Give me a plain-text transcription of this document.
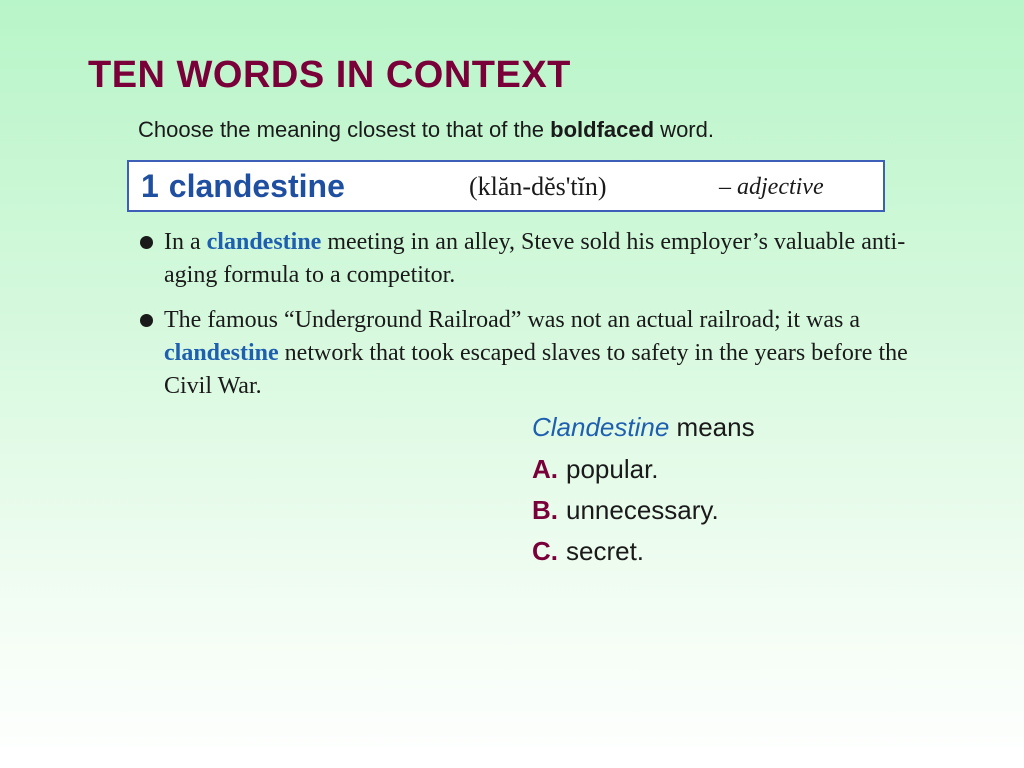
TEN WORDS IN CONTEXT
Choose the meaning closest to that of the boldfaced word.
1 clandestine	(klăn-dĕs'tĭn)	– adjective
In a clandestine meeting in an alley, Steve sold his employer’s valuable anti-aging formula to a competitor.
The famous “Underground Railroad” was not an actual railroad; it was a clandestine network that took escaped slaves to safety in the years before the Civil War.
Clandestine means
A. popular.
B. unnecessary.
C. secret.
